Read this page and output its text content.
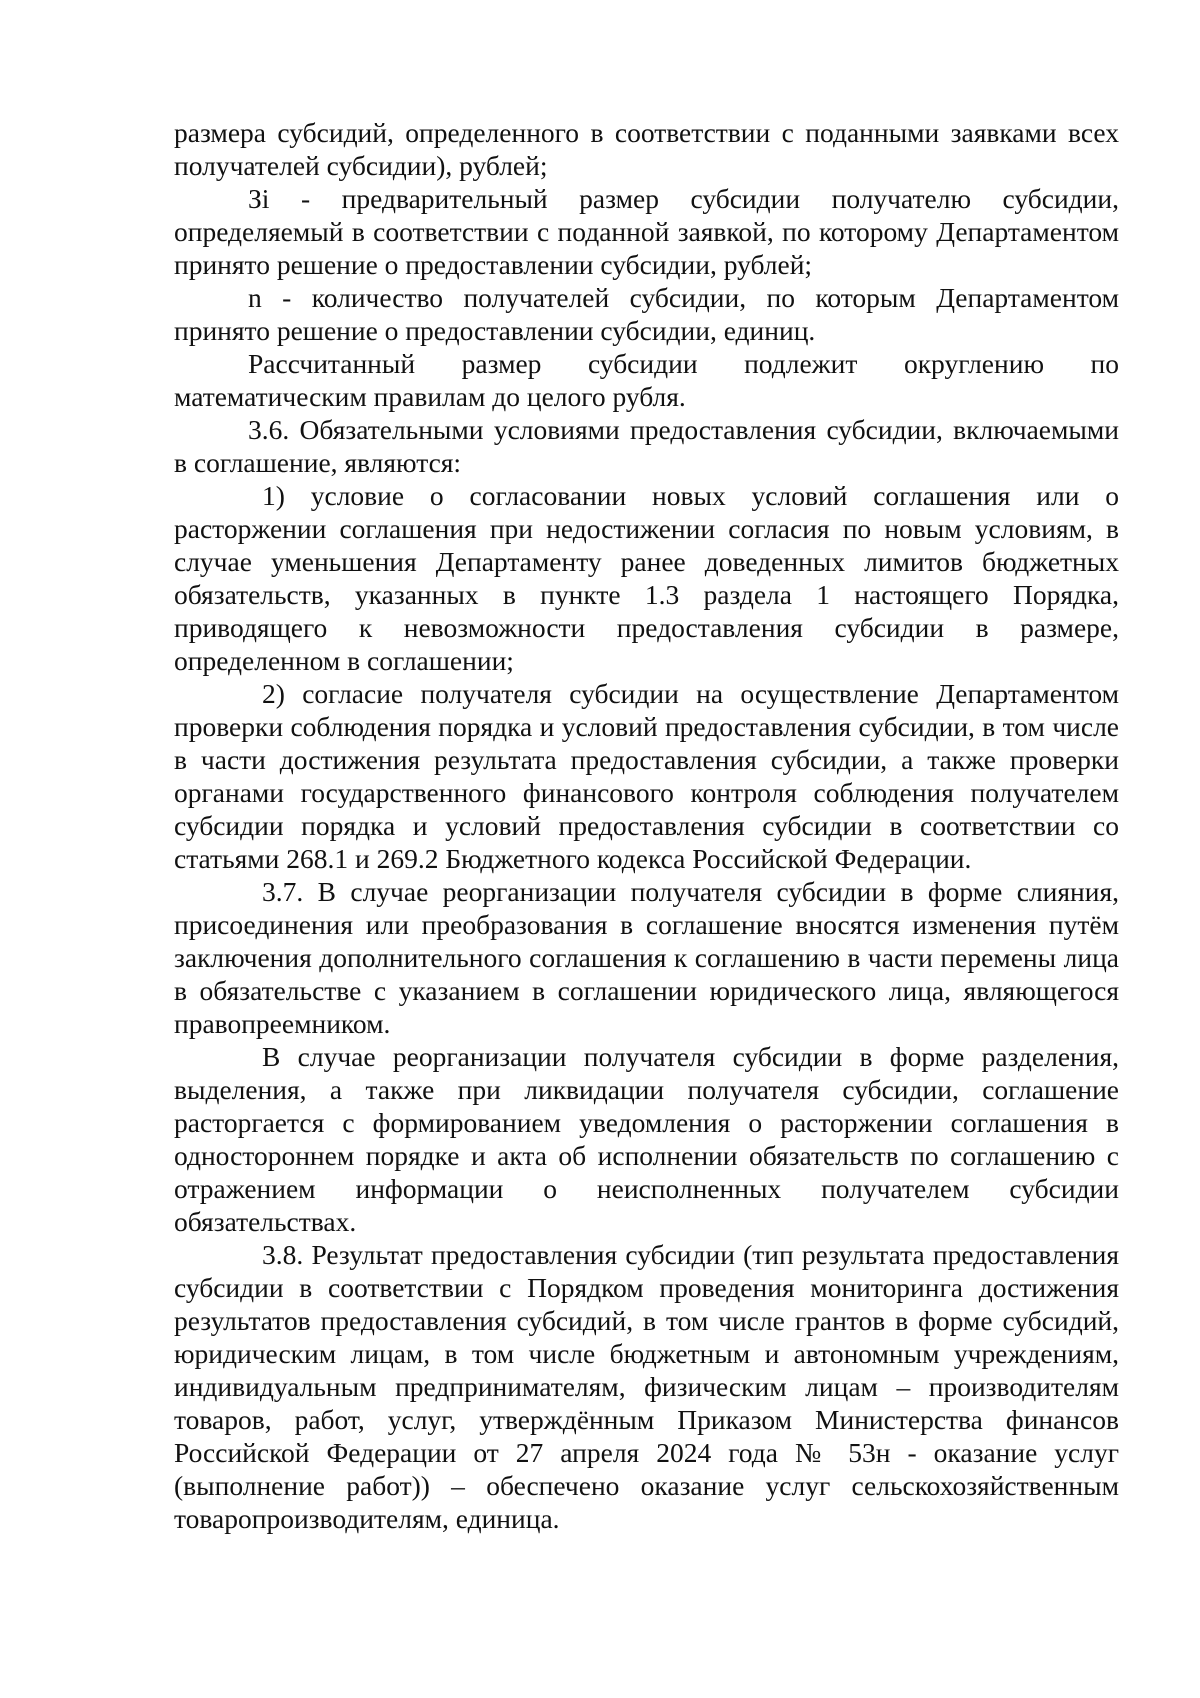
размера субсидий, определенного в соответствии с поданными заявками всех получателей субсидии), рублей;

Зi - предварительный размер субсидии получателю субсидии, определяемый в соответствии с поданной заявкой, по которому Департаментом принято решение о предоставлении субсидии, рублей;

n - количество получателей субсидии, по которым Департаментом принято решение о предоставлении субсидии, единиц.

Рассчитанный размер субсидии подлежит округлению по математическим правилам до целого рубля.

3.6. Обязательными условиями предоставления субсидии, включаемыми в соглашение, являются:

1) условие о согласовании новых условий соглашения или о расторжении соглашения при недостижении согласия по новым условиям, в случае уменьшения Департаменту ранее доведенных лимитов бюджетных обязательств, указанных в пункте 1.3 раздела 1 настоящего Порядка, приводящего к невозможности предоставления субсидии в размере, определенном в соглашении;

2) согласие получателя субсидии на осуществление Департаментом проверки соблюдения порядка и условий предоставления субсидии, в том числе в части достижения результата предоставления субсидии, а также проверки органами государственного финансового контроля соблюдения получателем субсидии порядка и условий предоставления субсидии в соответствии со статьями 268.1 и 269.2 Бюджетного кодекса Российской Федерации.

3.7. В случае реорганизации получателя субсидии в форме слияния, присоединения или преобразования в соглашение вносятся изменения путём заключения дополнительного соглашения к соглашению в части перемены лица в обязательстве с указанием в соглашении юридического лица, являющегося правопреемником.

В случае реорганизации получателя субсидии в форме разделения, выделения, а также при ликвидации получателя субсидии, соглашение расторгается с формированием уведомления о расторжении соглашения в одностороннем порядке и акта об исполнении обязательств по соглашению с отражением информации о неисполненных получателем субсидии обязательствах.

3.8. Результат предоставления субсидии (тип результата предоставления субсидии в соответствии с Порядком проведения мониторинга достижения результатов предоставления субсидий, в том числе грантов в форме субсидий, юридическим лицам, в том числе бюджетным и автономным учреждениям, индивидуальным предпринимателям, физическим лицам – производителям товаров, работ, услуг, утверждённым Приказом Министерства финансов Российской Федерации от 27 апреля 2024 года № 53н - оказание услуг (выполнение работ)) – обеспечено оказание услуг сельскохозяйственным товаропроизводителям, единица.
